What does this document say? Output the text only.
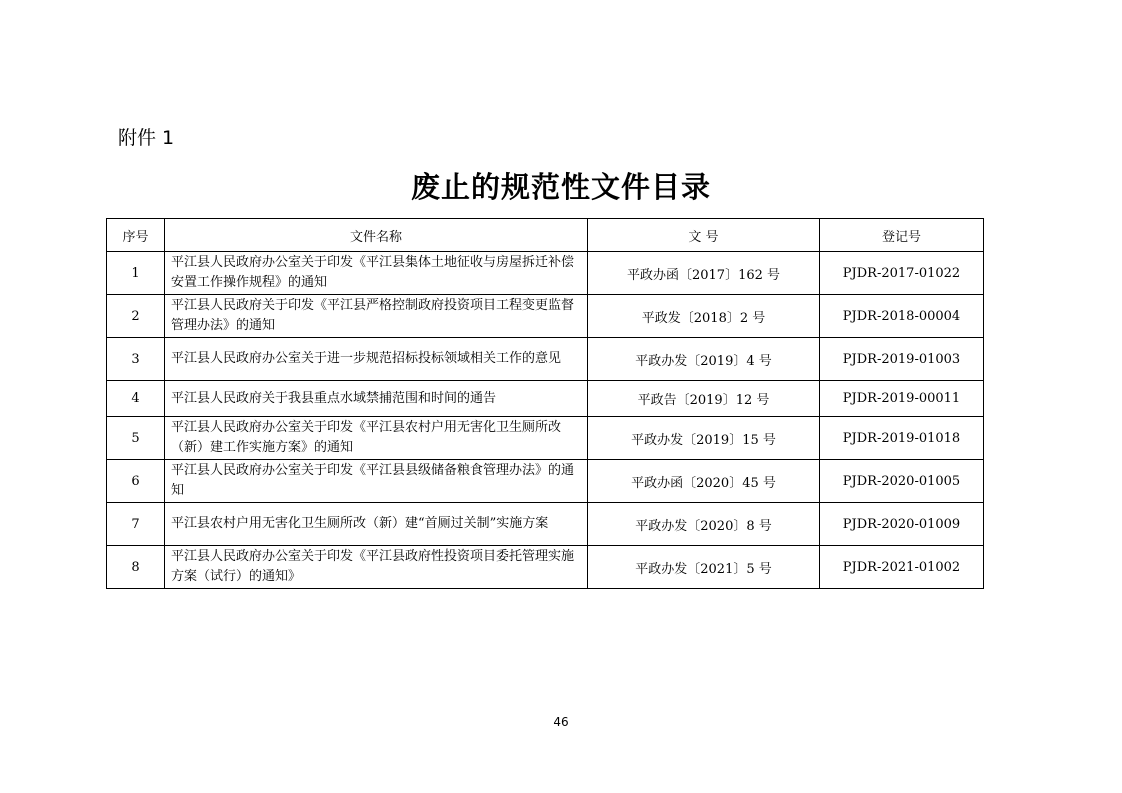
附件 1
废止的规范性文件目录
序号	文件名称	文 号	登记号
1	平江县人民政府办公室关于印发《平江县集体土地征收与房屋拆迁补偿安置工作操作规程》的通知	平政办函〔2017〕162 号	PJDR-2017-01022
2	平江县人民政府关于印发《平江县严格控制政府投资项目工程变更监督管理办法》的通知	平政发〔2018〕2 号	PJDR-2018-00004
3	平江县人民政府办公室关于进一步规范招标投标领域相关工作的意见	平政办发〔2019〕4 号	PJDR-2019-01003
4	平江县人民政府关于我县重点水域禁捕范围和时间的通告	平政告〔2019〕12 号	PJDR-2019-00011
5	平江县人民政府办公室关于印发《平江县农村户用无害化卫生厕所改（新）建工作实施方案》的通知	平政办发〔2019〕15 号	PJDR-2019-01018
6	平江县人民政府办公室关于印发《平江县县级储备粮食管理办法》的通知	平政办函〔2020〕45 号	PJDR-2020-01005
7	平江县农村户用无害化卫生厕所改（新）建“首厕过关制”实施方案	平政办发〔2020〕8 号	PJDR-2020-01009
8	平江县人民政府办公室关于印发《平江县政府性投资项目委托管理实施方案（试行）的通知》	平政办发〔2021〕5 号	PJDR-2021-01002
46
